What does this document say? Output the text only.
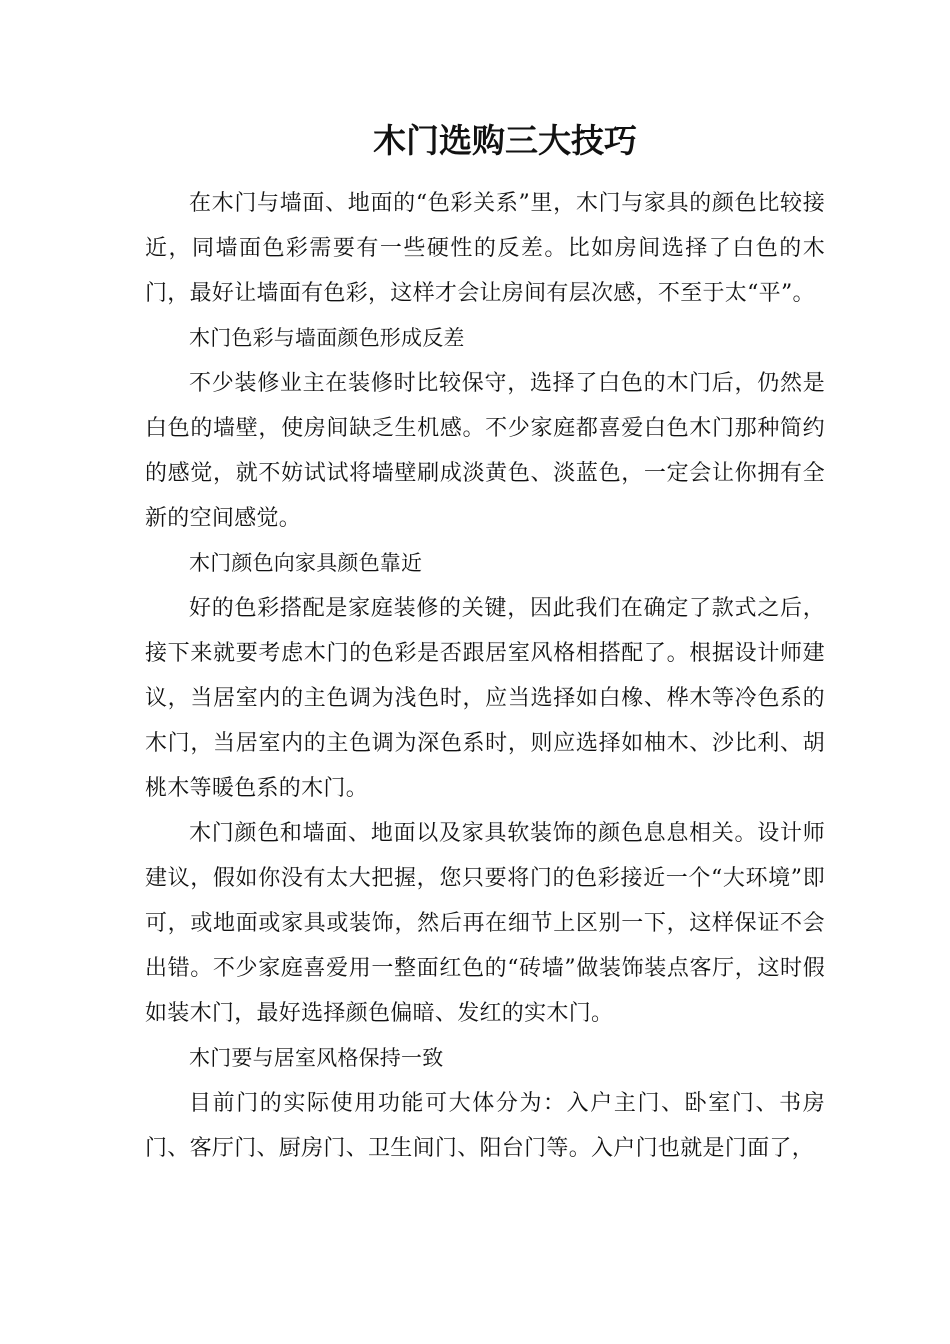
木门选购三大技巧

在木门与墙面、地面的“色彩关系”里，木门与家具的颜色比较接近，同墙面色彩需要有一些硬性的反差。比如房间选择了白色的木门，最好让墙面有色彩，这样才会让房间有层次感，不至于太“平”。

木门色彩与墙面颜色形成反差

不少装修业主在装修时比较保守，选择了白色的木门后，仍然是白色的墙壁，使房间缺乏生机感。不少家庭都喜爱白色木门那种简约的感觉，就不妨试试将墙壁刷成淡黄色、淡蓝色，一定会让你拥有全新的空间感觉。

木门颜色向家具颜色靠近

好的色彩搭配是家庭装修的关键，因此我们在确定了款式之后，接下来就要考虑木门的色彩是否跟居室风格相搭配了。根据设计师建议，当居室内的主色调为浅色时，应当选择如白橡、桦木等冷色系的木门，当居室内的主色调为深色系时，则应选择如柚木、沙比利、胡桃木等暖色系的木门。

木门颜色和墙面、地面以及家具软装饰的颜色息息相关。设计师建议，假如你没有太大把握，您只要将门的色彩接近一个“大环境”即可，或地面或家具或装饰，然后再在细节上区别一下，这样保证不会出错。不少家庭喜爱用一整面红色的“砖墙”做装饰装点客厅，这时假如装木门，最好选择颜色偏暗、发红的实木门。

木门要与居室风格保持一致

目前门的实际使用功能可大体分为：入户主门、卧室门、书房门、客厅门、厨房门、卫生间门、阳台门等。入户门也就是门面了，
